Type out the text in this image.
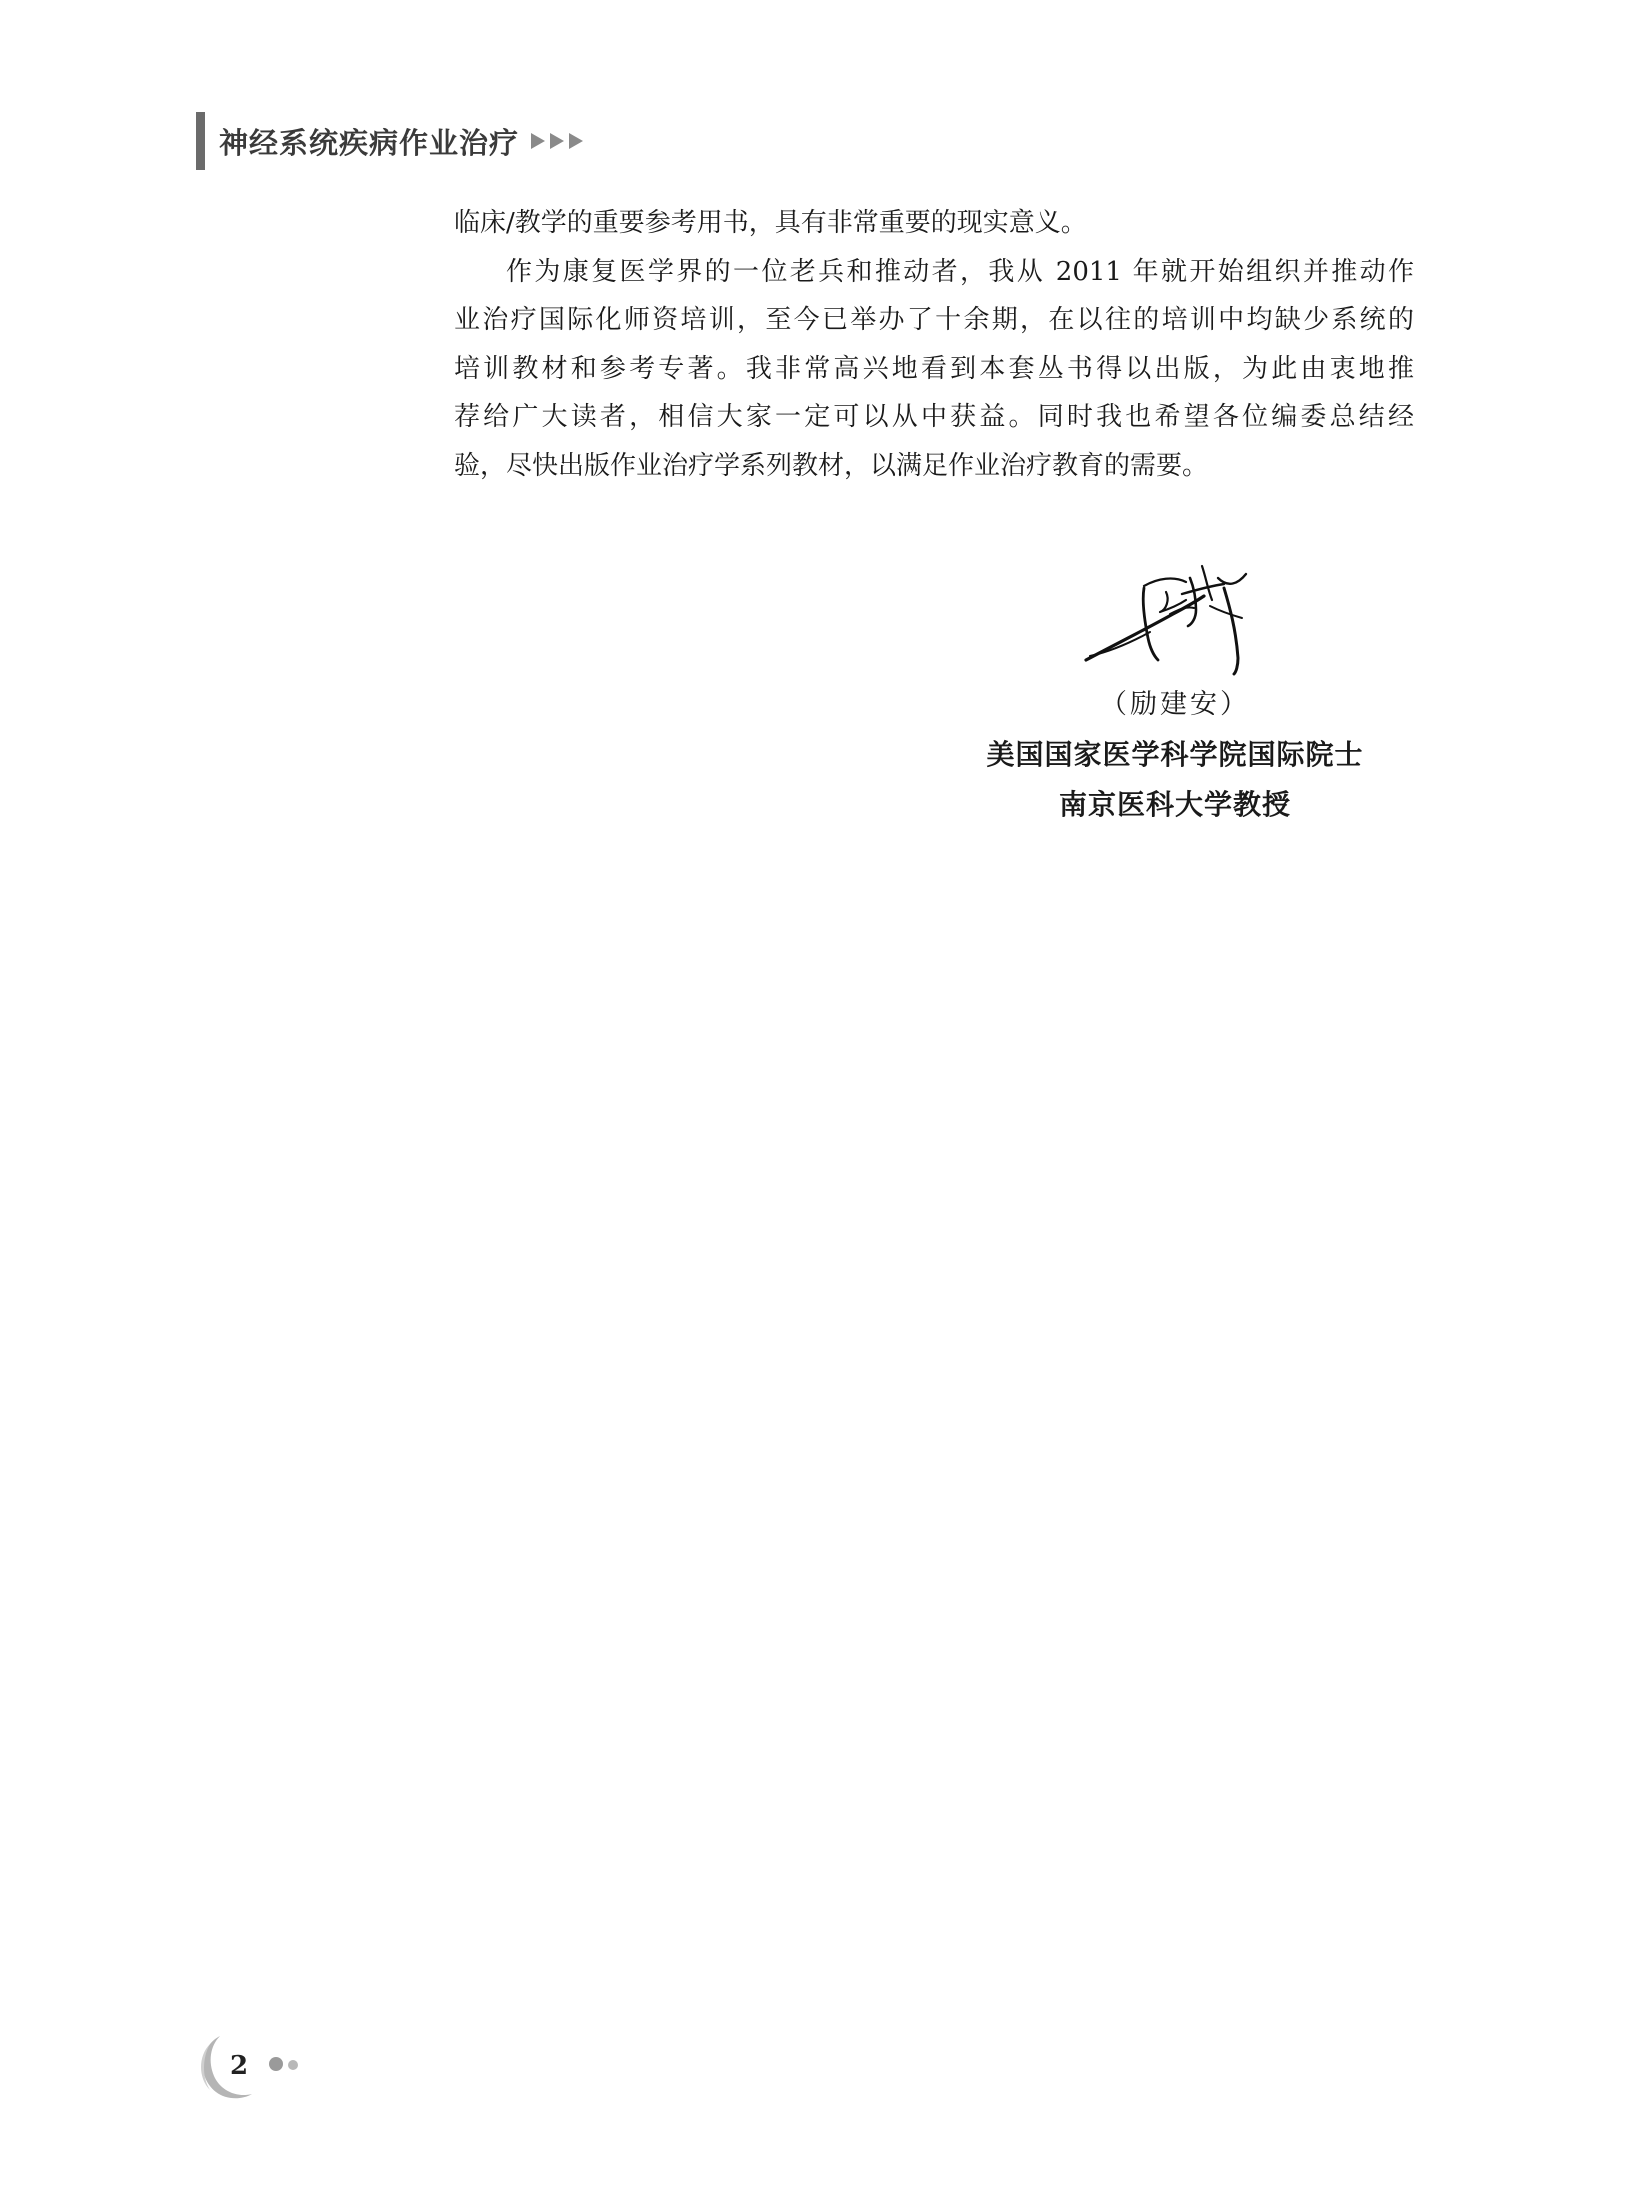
神经系统疾病作业治疗

临床/教学的重要参考用书，具有非常重要的现实意义。

作为康复医学界的一位老兵和推动者，我从 2011 年就开始组织并推动作
业治疗国际化师资培训，至今已举办了十余期，在以往的培训中均缺少系统的
培训教材和参考专著。我非常高兴地看到本套丛书得以出版，为此由衷地推
荐给广大读者，相信大家一定可以从中获益。同时我也希望各位编委总结经
验，尽快出版作业治疗学系列教材，以满足作业治疗教育的需要。

（励建安）
美国国家医学科学院国际院士
南京医科大学教授
2
